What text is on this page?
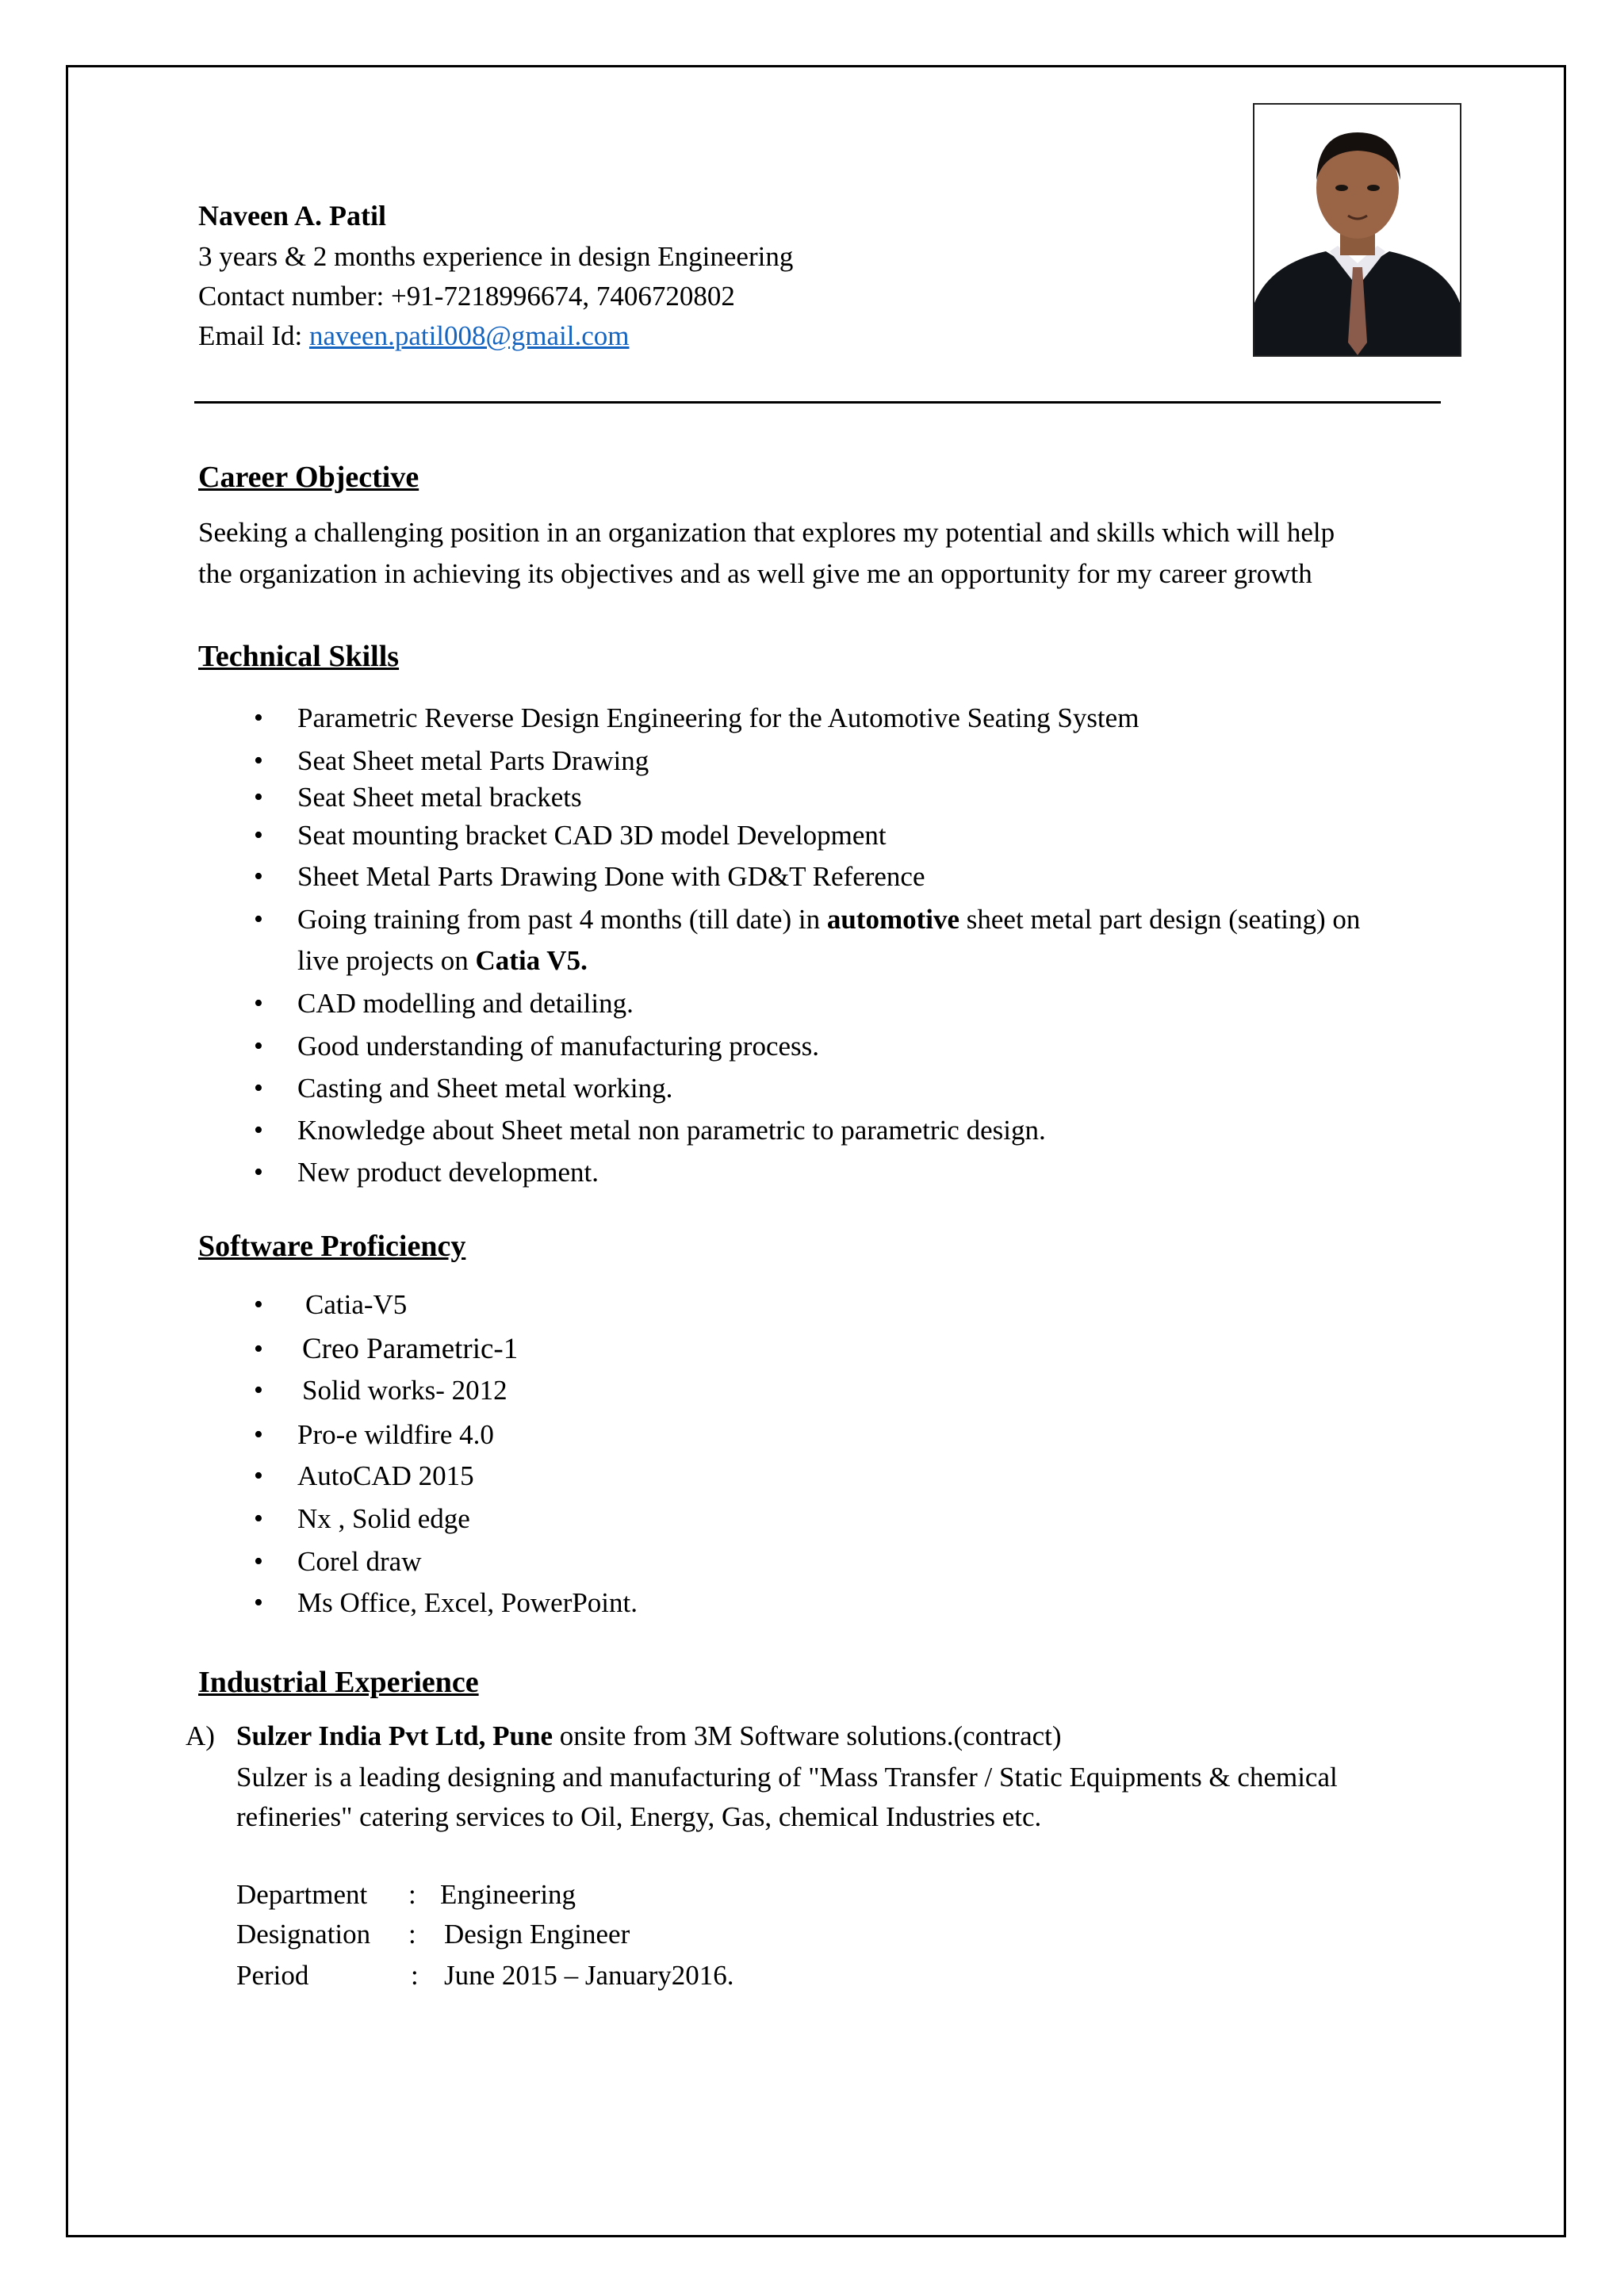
Naveen A. Patil
3 years & 2 months experience in design Engineering
Contact number: +91-7218996674, 7406720802
Email Id: naveen.patil008@gmail.com
Career Objective
Seeking a challenging position in an organization that explores my potential and skills which will help
the organization in achieving its objectives and as well give me an opportunity for my career growth
Technical Skills
• Parametric Reverse Design Engineering for the Automotive Seating System
• Seat Sheet metal Parts Drawing
• Seat Sheet metal brackets
• Seat mounting bracket CAD 3D model Development
• Sheet Metal Parts Drawing Done with GD&T Reference
• Going training from past 4 months (till date) in automotive sheet metal part design (seating) on
live projects on Catia V5.
• CAD modelling and detailing.
• Good understanding of manufacturing process.
• Casting and Sheet metal working.
• Knowledge about Sheet metal non parametric to parametric design.
• New product development.
Software Proficiency
• Catia-V5
• Creo Parametric-1
• Solid works- 2012
• Pro-e wildfire 4.0
• AutoCAD 2015
• Nx , Solid edge
• Corel draw
• Ms Office, Excel, PowerPoint.
Industrial Experience
A) Sulzer India Pvt Ltd, Pune onsite from 3M Software solutions.(contract)
Sulzer is a leading designing and manufacturing of "Mass Transfer / Static Equipments & chemical
refineries" catering services to Oil, Energy, Gas, chemical Industries etc.
Department : Engineering
Designation : Design Engineer
Period	: June 2015 – January2016.
